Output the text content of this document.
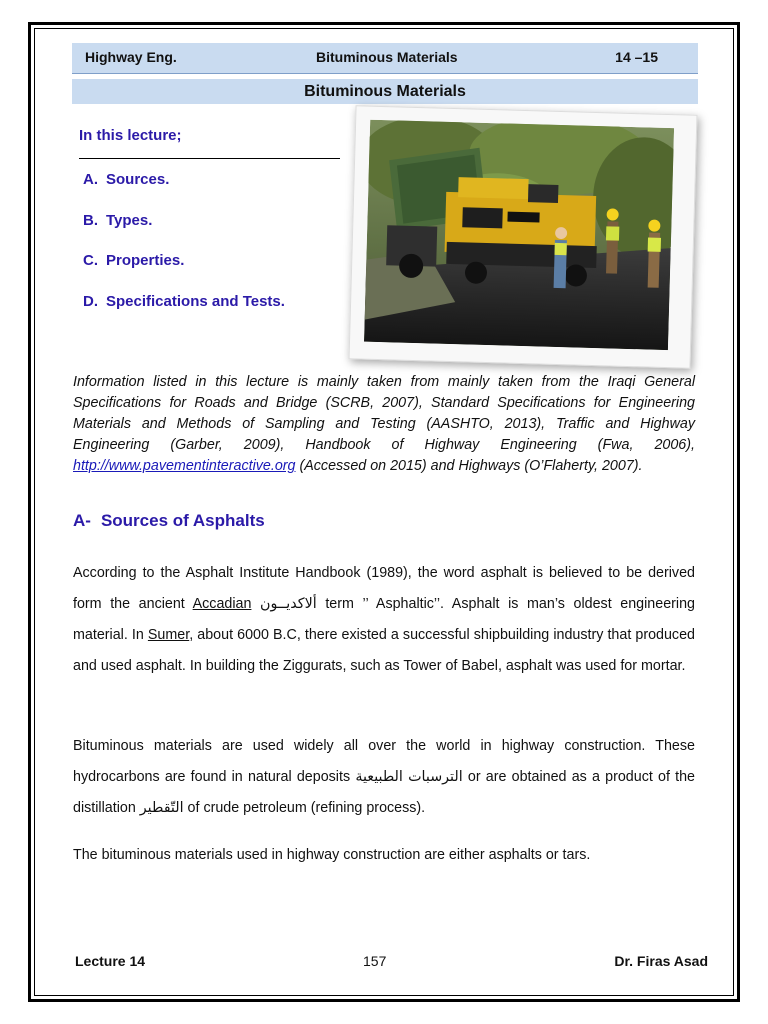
Highway Eng.	Bituminous Materials	14 –15
Bituminous Materials
In this lecture;
A. Sources.
B. Types.
C. Properties.
D. Specifications and Tests.

Information listed in this lecture is mainly taken from mainly taken from the Iraqi General Specifications for Roads and Bridge (SCRB, 2007), Standard Specifications for Engineering Materials and Methods of Sampling and Testing (AASHTO, 2013), Traffic and Highway Engineering (Garber, 2009), Handbook of Highway Engineering (Fwa, 2006), http://www.pavementinteractive.org (Accessed on 2015) and Highways (O’Flaherty, 2007).

A- Sources of Asphalts

According to the Asphalt Institute Handbook (1989), the word asphalt is believed to be derived form the ancient Accadian ألاكديــون term ’’ Asphaltic’’. Asphalt is man’s oldest engineering material. In Sumer, about 6000 B.C, there existed a successful shipbuilding industry that produced and used asphalt. In building the Ziggurats, such as Tower of Babel, asphalt was used for mortar.

Bituminous materials are used widely all over the world in highway construction. These hydrocarbons are found in natural deposits الترسبات الطبيعية or are obtained as a product of the distillation التّقطير of crude petroleum (refining process).

The bituminous materials used in highway construction are either asphalts or tars.

Lecture 14	157	Dr. Firas Asad
